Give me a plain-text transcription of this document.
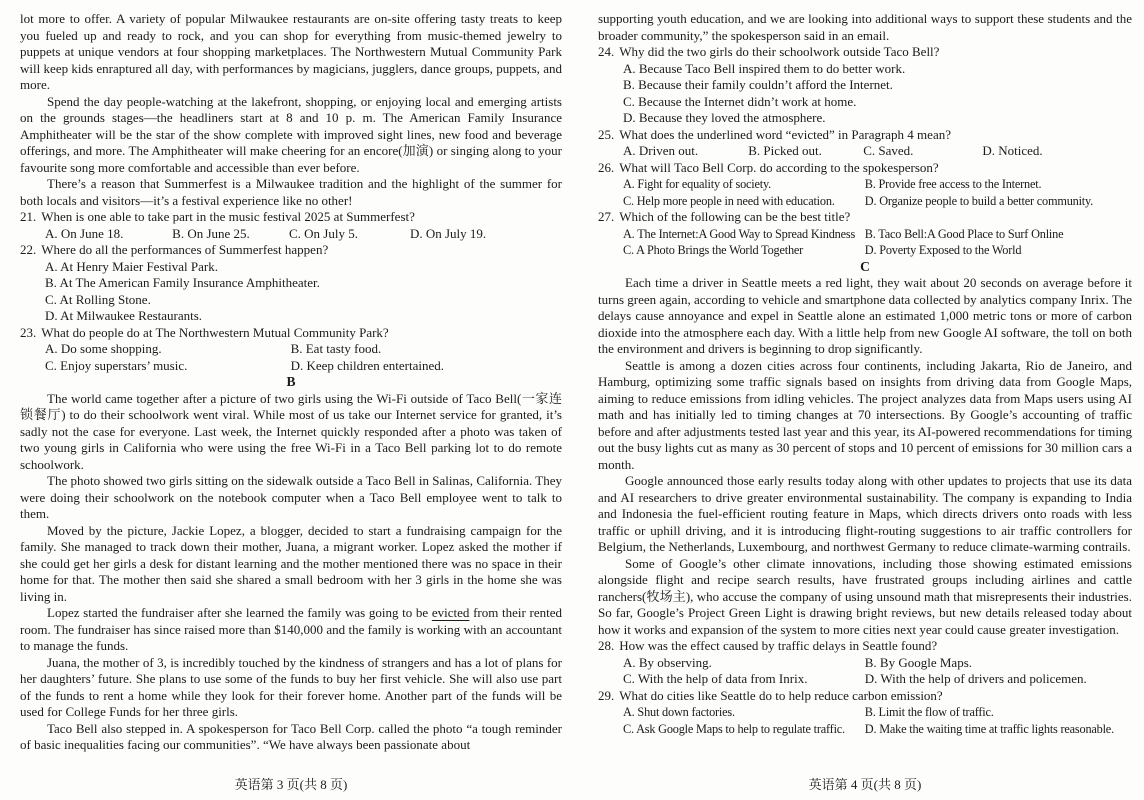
lot more to offer. A variety of popular Milwaukee restaurants are on-site offering tasty treats to keep you fueled up and ready to rock, and you can shop for everything from music-themed jewelry to puppets at unique vendors at four shopping marketplaces. The Northwestern Mutual Community Park will keep kids enraptured all day, with performances by magicians, jugglers, dance groups, puppets, and more.

Spend the day people-watching at the lakefront, shopping, or enjoying local and emerging artists on the grounds stages—the headliners start at 8 and 10 p. m. The American Family Insurance Amphitheater will be the star of the show complete with improved sight lines, new food and beverage offerings, and more. The Amphitheater will make cheering for an encore(加演) or singing along to your favourite song more comfortable and accessible than ever before.

There’s a reason that Summerfest is a Milwaukee tradition and the highlight of the summer for both locals and visitors—it’s a festival experience like no other!

21. When is one able to take part in the music festival 2025 at Summerfest?
A. On June 18.	B. On June 25.	C. On July 5.	D. On July 19.
22. Where do all the performances of Summerfest happen?
A. At Henry Maier Festival Park.
B. At The American Family Insurance Amphitheater.
C. At Rolling Stone.
D. At Milwaukee Restaurants.
23. What do people do at The Northwestern Mutual Community Park?
A. Do some shopping.	B. Eat tasty food.
C. Enjoy superstars’ music.	D. Keep children entertained.
B

The world came together after a picture of two girls using the Wi-Fi outside of Taco Bell(一家连锁餐厅) to do their schoolwork went viral. While most of us take our Internet service for granted, it’s sadly not the case for everyone. Last week, the Internet quickly responded after a photo was taken of two young girls in California who were using the free Wi-Fi in a Taco Bell parking lot to do remote schoolwork.

The photo showed two girls sitting on the sidewalk outside a Taco Bell in Salinas, California. They were doing their schoolwork on the notebook computer when a Taco Bell employee went to talk to them.

Moved by the picture, Jackie Lopez, a blogger, decided to start a fundraising campaign for the family. She managed to track down their mother, Juana, a migrant worker. Lopez asked the mother if she could get her girls a desk for distant learning and the mother mentioned there was no space in their home for that. The mother then said she shared a small bedroom with her 3 girls in the home she was living in.

Lopez started the fundraiser after she learned the family was going to be evicted from their rented room. The fundraiser has since raised more than $140,000 and the family is working with an accountant to manage the funds.

Juana, the mother of 3, is incredibly touched by the kindness of strangers and has a lot of plans for her daughters’ future. She plans to use some of the funds to buy her first vehicle. She will also use part of the funds to rent a home while they look for their forever home. Another part of the funds will be used for College Funds for her three girls.

Taco Bell also stepped in. A spokesperson for Taco Bell Corp. called the photo “a tough reminder of basic inequalities facing our communities”. “We have always been passionate about

supporting youth education, and we are looking into additional ways to support these students and the broader community,” the spokesperson said in an email.

24. Why did the two girls do their schoolwork outside Taco Bell?
A. Because Taco Bell inspired them to do better work.
B. Because their family couldn’t afford the Internet.
C. Because the Internet didn’t work at home.
D. Because they loved the atmosphere.
25. What does the underlined word “evicted” in Paragraph 4 mean?
A. Driven out.	B. Picked out.	C. Saved.	D. Noticed.
26. What will Taco Bell Corp. do according to the spokesperson?
A. Fight for equality of society.	B. Provide free access to the Internet.
C. Help more people in need with education.	D. Organize people to build a better community.
27. Which of the following can be the best title?
A. The Internet:A Good Way to Spread Kindness B. Taco Bell:A Good Place to Surf Online
C. A Photo Brings the World Together	D. Poverty Exposed to the World
C

Each time a driver in Seattle meets a red light, they wait about 20 seconds on average before it turns green again, according to vehicle and smartphone data collected by analytics company Inrix. The delays cause annoyance and expel in Seattle alone an estimated 1,000 metric tons or more of carbon dioxide into the atmosphere each day. With a little help from new Google AI software, the toll on both the environment and drivers is beginning to drop significantly.

Seattle is among a dozen cities across four continents, including Jakarta, Rio de Janeiro, and Hamburg, optimizing some traffic signals based on insights from driving data from Google Maps, aiming to reduce emissions from idling vehicles. The project analyzes data from Maps users using AI math and has initially led to timing changes at 70 intersections. By Google’s accounting of traffic before and after adjustments tested last year and this year, its AI-powered recommendations for timing out the busy lights cut as many as 30 percent of stops and 10 percent of emissions for 30 million cars a month.

Google announced those early results today along with other updates to projects that use its data and AI researchers to drive greater environmental sustainability. The company is expanding to India and Indonesia the fuel-efficient routing feature in Maps, which directs drivers onto roads with less traffic or uphill driving, and it is introducing flight-routing suggestions to air traffic controllers for Belgium, the Netherlands, Luxembourg, and northwest Germany to reduce climate-warming contrails.

Some of Google’s other climate innovations, including those showing estimated emissions alongside flight and recipe search results, have frustrated groups including airlines and cattle ranchers(牧场主), who accuse the company of using unsound math that misrepresents their industries. So far, Google’s Project Green Light is drawing bright reviews, but new details released today about how it works and expansion of the system to more cities next year could cause greater investigation.

28. How was the effect caused by traffic delays in Seattle found?
A. By observing.	B. By Google Maps.
C. With the help of data from Inrix.	D. With the help of drivers and policemen.
29. What do cities like Seattle do to help reduce carbon emission?
A. Shut down factories.	B. Limit the flow of traffic.
C. Ask Google Maps to help to regulate traffic.	D. Make the waiting time at traffic lights reasonable.
英语第 3 页(共 8 页)	英语第 4 页(共 8 页)
